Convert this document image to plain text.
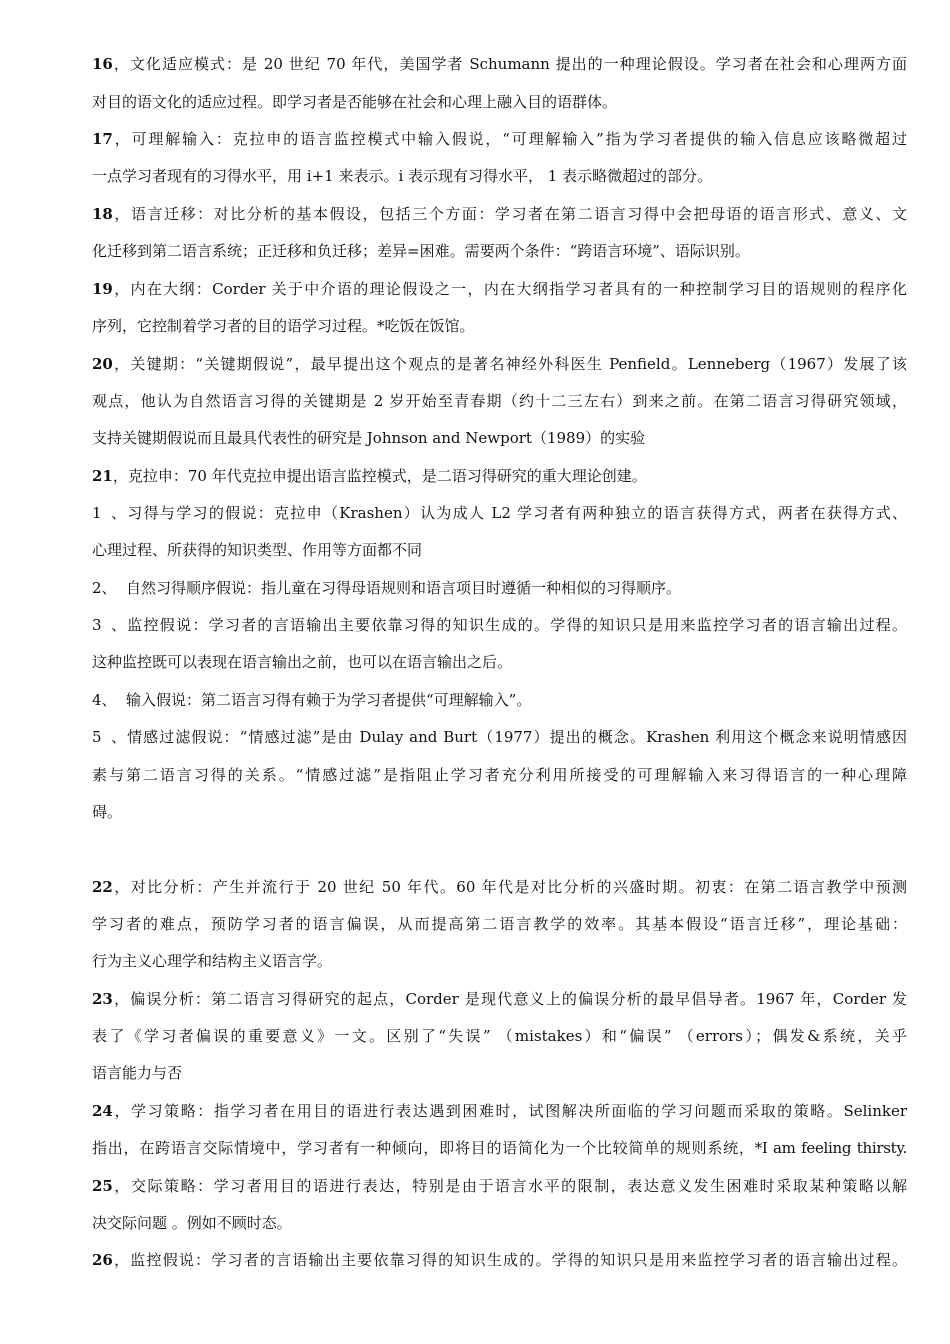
16，文化适应模式：是 20 世纪 70 年代，美国学者 Schumann 提出的一种理论假设。学习者在社会和心理两方面
对目的语文化的适应过程。即学习者是否能够在社会和心理上融入目的语群体。
17，可理解输入：克拉申的语言监控模式中输入假说，“可理解输入”指为学习者提供的输入信息应该略微超过
一点学习者现有的习得水平，用 i+1 来表示。i 表示现有习得水平， 1 表示略微超过的部分。
18，语言迁移：对比分析的基本假设，包括三个方面：学习者在第二语言习得中会把母语的语言形式、意义、文
化迁移到第二语言系统；正迁移和负迁移；差异=困难。需要两个条件：“跨语言环境”、语际识别。
19，内在大纲：Corder 关于中介语的理论假设之一，内在大纲指学习者具有的一种控制学习目的语规则的程序化
序列，它控制着学习者的目的语学习过程。*吃饭在饭馆。
20，关键期：“关键期假说”，最早提出这个观点的是著名神经外科医生 Penfield。Lenneberg（1967）发展了该
观点，他认为自然语言习得的关键期是 2 岁开始至青春期（约十二三左右）到来之前。在第二语言习得研究领域，
支持关键期假说而且最具代表性的研究是 Johnson and Newport（1989）的实验
21，克拉申：70 年代克拉申提出语言监控模式，是二语习得研究的重大理论创建。
1、习得与学习的假说：克拉申（Krashen）认为成人 L2 学习者有两种独立的语言获得方式，两者在获得方式、
心理过程、所获得的知识类型、作用等方面都不同
2、 自然习得顺序假说：指儿童在习得母语规则和语言项目时遵循一种相似的习得顺序。
3、监控假说：学习者的言语输出主要依靠习得的知识生成的。学得的知识只是用来监控学习者的语言输出过程。
这种监控既可以表现在语言输出之前，也可以在语言输出之后。
4、 输入假说：第二语言习得有赖于为学习者提供“可理解输入”。
5、情感过滤假说：“情感过滤”是由 Dulay and Burt（1977）提出的概念。Krashen 利用这个概念来说明情感因
素与第二语言习得的关系。“情感过滤”是指阻止学习者充分利用所接受的可理解输入来习得语言的一种心理障
碍。
22，对比分析：产生并流行于 20 世纪 50 年代。60 年代是对比分析的兴盛时期。初衷：在第二语言教学中预测
学习者的难点，预防学习者的语言偏误，从而提高第二语言教学的效率。其基本假设“语言迁移”，理论基础：
行为主义心理学和结构主义语言学。
23，偏误分析：第二语言习得研究的起点，Corder 是现代意义上的偏误分析的最早倡导者。1967 年，Corder 发
表了《学习者偏误的重要意义》一文。区别了“失误” （mistakes）和“偏误” （errors）；偶发&系统，关乎
语言能力与否
24，学习策略：指学习者在用目的语进行表达遇到困难时，试图解决所面临的学习问题而采取的策略。Selinker
指出，在跨语言交际情境中，学习者有一种倾向，即将目的语简化为一个比较简单的规则系统，*I am feeling thirsty.
25，交际策略：学习者用目的语进行表达，特别是由于语言水平的限制，表达意义发生困难时采取某种策略以解
决交际问题 。例如不顾时态。
26，监控假说：学习者的言语输出主要依靠习得的知识生成的。学得的知识只是用来监控学习者的语言输出过程。
